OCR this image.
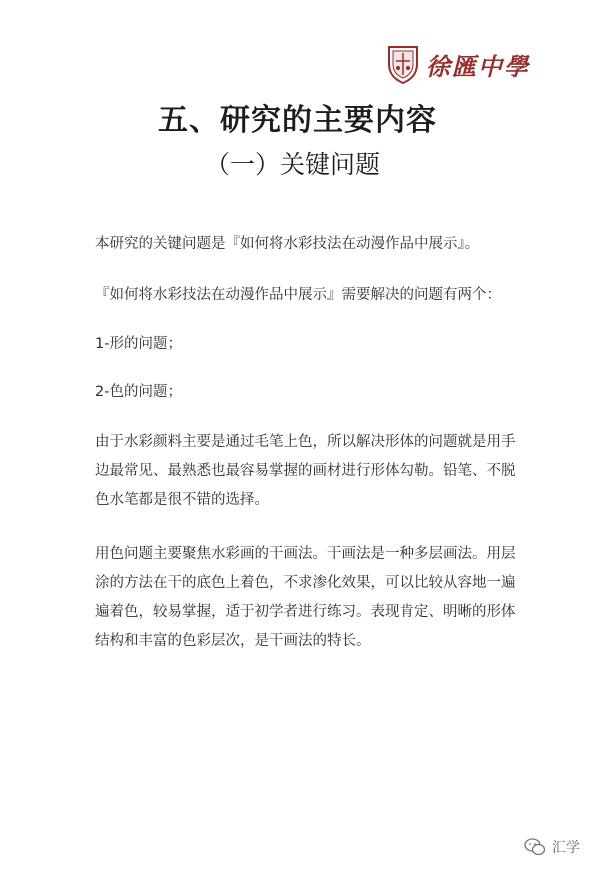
徐匯中學
五、研究的主要内容
（一）关键问题

本研究的关键问题是『如何将水彩技法在动漫作品中展示』。

『如何将水彩技法在动漫作品中展示』需要解决的问题有两个：

1-形的问题；

2-色的问题；

由于水彩颜料主要是通过毛笔上色，所以解决形体的问题就是用手边最常见、最熟悉也最容易掌握的画材进行形体勾勒。铅笔、不脱色水笔都是很不错的选择。

用色问题主要聚焦水彩画的干画法。干画法是一种多层画法。用层涂的方法在干的底色上着色，不求渗化效果，可以比较从容地一遍遍着色，较易掌握，适于初学者进行练习。表现肯定、明晰的形体结构和丰富的色彩层次，是干画法的特长。

汇学
